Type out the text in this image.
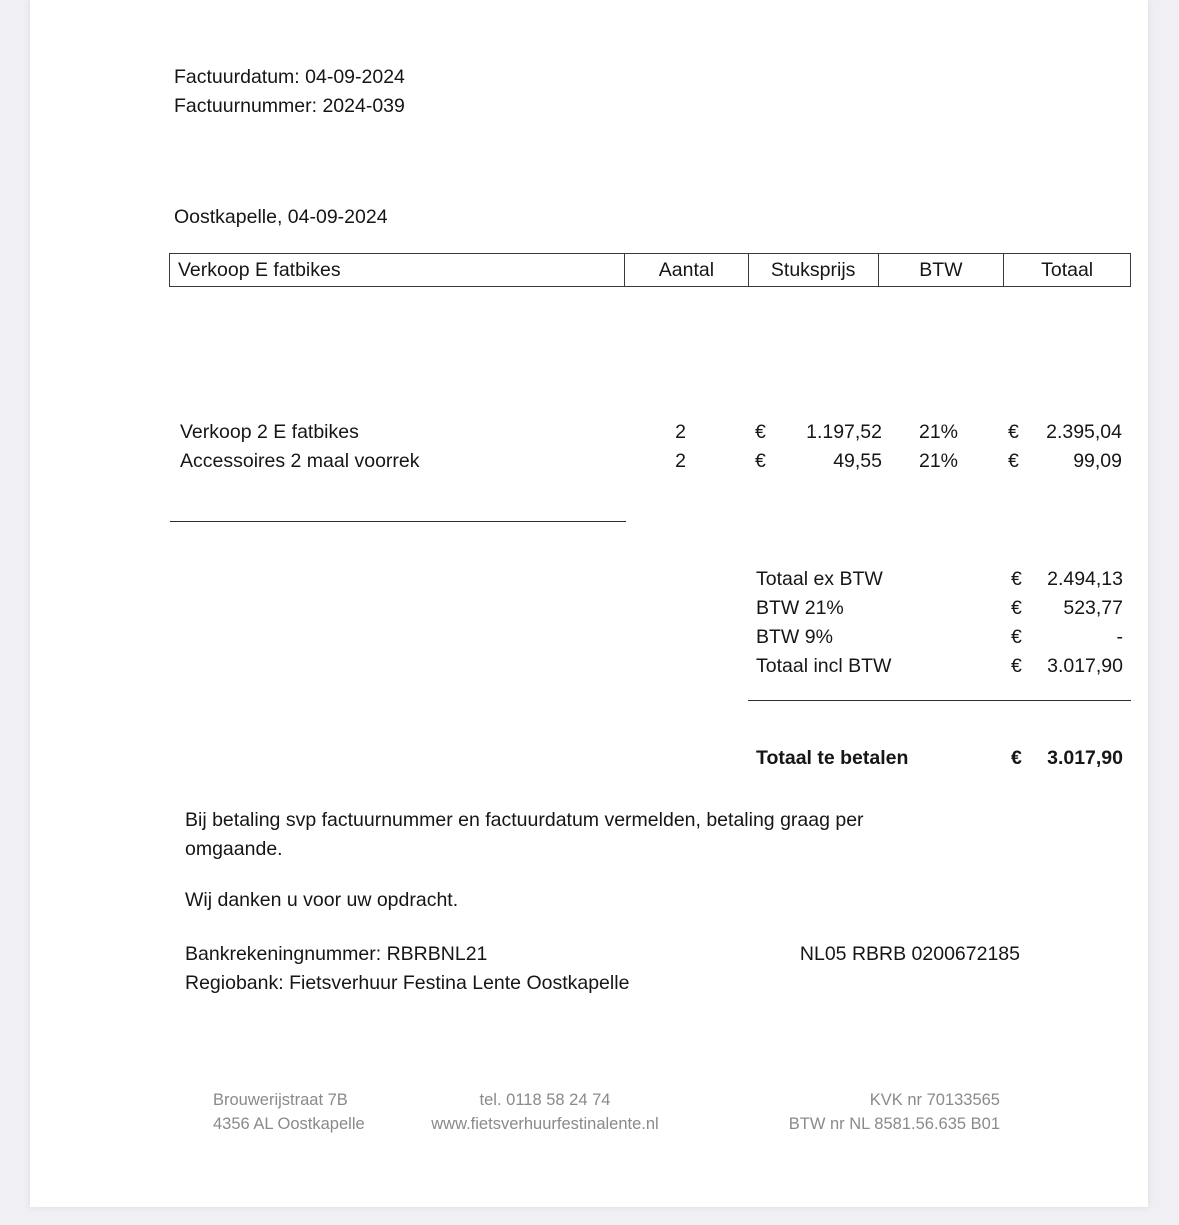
Factuurdatum: 04-09-2024
Factuurnummer: 2024-039
Oostkapelle, 04-09-2024
Verkoop E fatbikes	Aantal	Stuksprijs	BTW	Totaal
Verkoop 2 E fatbikes	2	€	1.197,52	21%	€	2.395,04
Accessoires 2 maal voorrek	2	€	49,55	21%	€	99,09
Totaal ex BTW	€	2.494,13
BTW 21%	€	523,77
BTW 9%	€	-
Totaal incl BTW	€	3.017,90
Totaal te betalen	€	3.017,90
Bij betaling svp factuurnummer en factuurdatum vermelden, betaling graag per omgaande.
Wij danken u voor uw opdracht.
Bankrekeningnummer: RBRBNL21	NL05 RBRB 0200672185
Regiobank: Fietsverhuur Festina Lente Oostkapelle
Brouwerijstraat 7B
4356 AL Oostkapelle
tel. 0118 58 24 74
www.fietsverhuurfestinalente.nl
KVK nr 70133565
BTW nr NL 8581.56.635 B01
